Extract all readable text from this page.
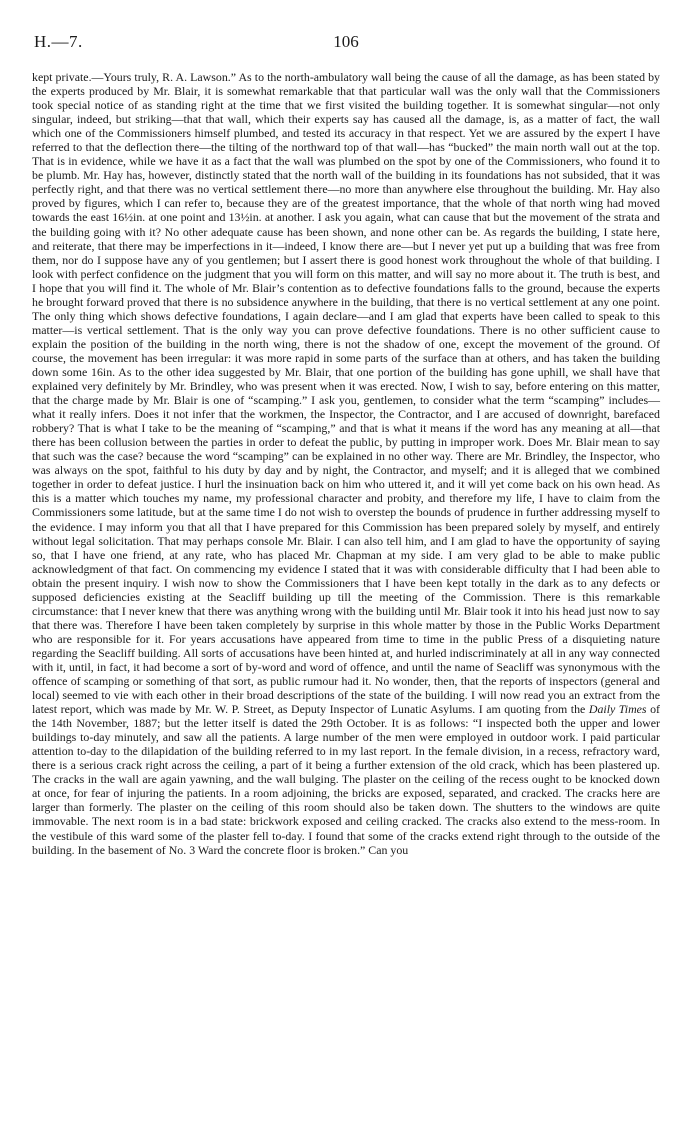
H.—7.	106

kept private.—Yours truly, R. A. Lawson.” As to the north-ambulatory wall being the cause of all the damage, as has been stated by the experts produced by Mr. Blair, it is somewhat remarkable that that particular wall was the only wall that the Commissioners took special notice of as standing right at the time that we first visited the building together. It is somewhat singular—not only singular, indeed, but striking—that that wall, which their experts say has caused all the damage, is, as a matter of fact, the wall which one of the Commissioners himself plumbed, and tested its accuracy in that respect. Yet we are assured by the expert I have referred to that the deflection there—the tilting of the northward top of that wall—has “bucked” the main north wall out at the top. That is in evidence, while we have it as a fact that the wall was plumbed on the spot by one of the Commissioners, who found it to be plumb. Mr. Hay has, however, distinctly stated that the north wall of the building in its foundations has not subsided, that it was perfectly right, and that there was no vertical settlement there—no more than anywhere else throughout the building. Mr. Hay also proved by figures, which I can refer to, because they are of the greatest importance, that the whole of that north wing had moved towards the east 16½in. at one point and 13½in. at another. I ask you again, what can cause that but the movement of the strata and the building going with it? No other adequate cause has been shown, and none other can be. As regards the building, I state here, and reiterate, that there may be imperfections in it—indeed, I know there are—but I never yet put up a building that was free from them, nor do I suppose have any of you gentlemen; but I assert there is good honest work throughout the whole of that building. I look with perfect confidence on the judgment that you will form on this matter, and will say no more about it. The truth is best, and I hope that you will find it. The whole of Mr. Blair’s contention as to defective foundations falls to the ground, because the experts he brought forward proved that there is no subsidence anywhere in the building, that there is no vertical settlement at any one point. The only thing which shows defective foundations, I again declare—and I am glad that experts have been called to speak to this matter—is vertical settlement. That is the only way you can prove defective foundations. There is no other sufficient cause to explain the position of the building in the north wing, there is not the shadow of one, except the movement of the ground. Of course, the movement has been irregular: it was more rapid in some parts of the surface than at others, and has taken the building down some 16in. As to the other idea suggested by Mr. Blair, that one portion of the building has gone uphill, we shall have that explained very definitely by Mr. Brindley, who was present when it was erected. Now, I wish to say, before entering on this matter, that the charge made by Mr. Blair is one of “scamping.” I ask you, gentlemen, to consider what the term “scamping” includes—what it really infers. Does it not infer that the workmen, the Inspector, the Contractor, and I are accused of downright, barefaced robbery? That is what I take to be the meaning of “scamping,” and that is what it means if the word has any meaning at all—that there has been collusion between the parties in order to defeat the public, by putting in improper work. Does Mr. Blair mean to say that such was the case? because the word “scamping” can be explained in no other way. There are Mr. Brindley, the Inspector, who was always on the spot, faithful to his duty by day and by night, the Contractor, and myself; and it is alleged that we combined together in order to defeat justice. I hurl the insinuation back on him who uttered it, and it will yet come back on his own head. As this is a matter which touches my name, my professional character and probity, and therefore my life, I have to claim from the Commissioners some latitude, but at the same time I do not wish to overstep the bounds of prudence in further addressing myself to the evidence. I may inform you that all that I have prepared for this Commission has been prepared solely by myself, and entirely without legal solicitation. That may perhaps console Mr. Blair. I can also tell him, and I am glad to have the opportunity of saying so, that I have one friend, at any rate, who has placed Mr. Chapman at my side. I am very glad to be able to make public acknowledgment of that fact. On commencing my evidence I stated that it was with considerable difficulty that I had been able to obtain the present inquiry. I wish now to show the Commissioners that I have been kept totally in the dark as to any defects or supposed deficiencies existing at the Seacliff building up till the meeting of the Commission. There is this remarkable circumstance: that I never knew that there was anything wrong with the building until Mr. Blair took it into his head just now to say that there was. Therefore I have been taken completely by surprise in this whole matter by those in the Public Works Department who are responsible for it. For years accusations have appeared from time to time in the public Press of a disquieting nature regarding the Seacliff building. All sorts of accusations have been hinted at, and hurled indiscriminately at all in any way connected with it, until, in fact, it had become a sort of by-word and word of offence, and until the name of Seacliff was synonymous with the offence of scamping or something of that sort, as public rumour had it. No wonder, then, that the reports of inspectors (general and local) seemed to vie with each other in their broad descriptions of the state of the building. I will now read you an extract from the latest report, which was made by Mr. W. P. Street, as Deputy Inspector of Lunatic Asylums. I am quoting from the Daily Times of the 14th November, 1887; but the letter itself is dated the 29th October. It is as follows: “I inspected both the upper and lower buildings to-day minutely, and saw all the patients. A large number of the men were employed in outdoor work. I paid particular attention to-day to the dilapidation of the building referred to in my last report. In the female division, in a recess, refractory ward, there is a serious crack right across the ceiling, a part of it being a further extension of the old crack, which has been plastered up. The cracks in the wall are again yawning, and the wall bulging. The plaster on the ceiling of the recess ought to be knocked down at once, for fear of injuring the patients. In a room adjoining, the bricks are exposed, separated, and cracked. The cracks here are larger than formerly. The plaster on the ceiling of this room should also be taken down. The shutters to the windows are quite immovable. The next room is in a bad state: brickwork exposed and ceiling cracked. The cracks also extend to the mess-room. In the vestibule of this ward some of the plaster fell to-day. I found that some of the cracks extend right through to the outside of the building. In the basement of No. 3 Ward the concrete floor is broken.” Can you
